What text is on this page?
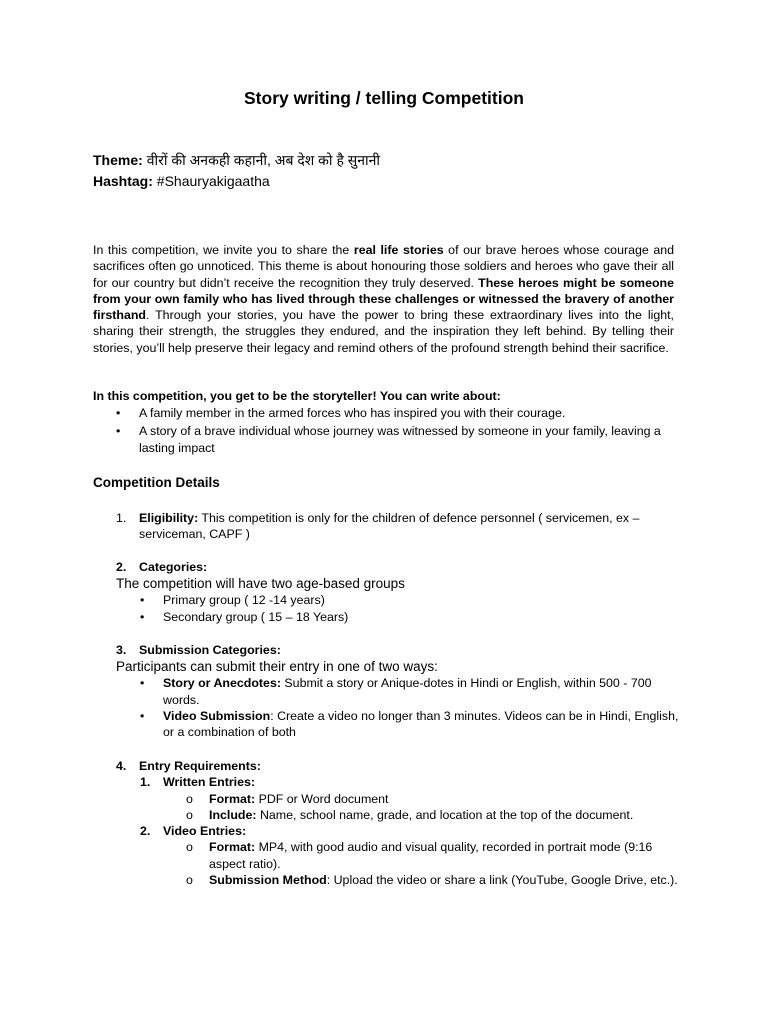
Story writing / telling Competition
Theme: वीरों की अनकही कहानी, अब देश को है सुनानी
Hashtag: #Shauryakigaatha
In this competition, we invite you to share the real life stories of our brave heroes whose courage and sacrifices often go unnoticed. This theme is about honouring those soldiers and heroes who gave their all for our country but didn’t receive the recognition they truly deserved. These heroes might be someone from your own family who has lived through these challenges or witnessed the bravery of another firsthand. Through your stories, you have the power to bring these extraordinary lives into the light, sharing their strength, the struggles they endured, and the inspiration they left behind. By telling their stories, you’ll help preserve their legacy and remind others of the profound strength behind their sacrifice.
In this competition, you get to be the storyteller! You can write about:
• A family member in the armed forces who has inspired you with their courage.
• A story of a brave individual whose journey was witnessed by someone in your family, leaving a lasting impact
Competition Details
1. Eligibility: This competition is only for the children of defence personnel ( servicemen, ex – serviceman, CAPF )
2. Categories:
The competition will have two age-based groups
• Primary group ( 12 -14 years)
• Secondary group ( 15 – 18 Years)
3. Submission Categories:
Participants can submit their entry in one of two ways:
• Story or Anecdotes: Submit a story or Anique-dotes in Hindi or English, within 500 - 700 words.
• Video Submission: Create a video no longer than 3 minutes. Videos can be in Hindi, English, or a combination of both
4. Entry Requirements:
1. Written Entries:
o Format: PDF or Word document
o Include: Name, school name, grade, and location at the top of the document.
2. Video Entries:
o Format: MP4, with good audio and visual quality, recorded in portrait mode (9:16 aspect ratio).
o Submission Method: Upload the video or share a link (YouTube, Google Drive, etc.).
